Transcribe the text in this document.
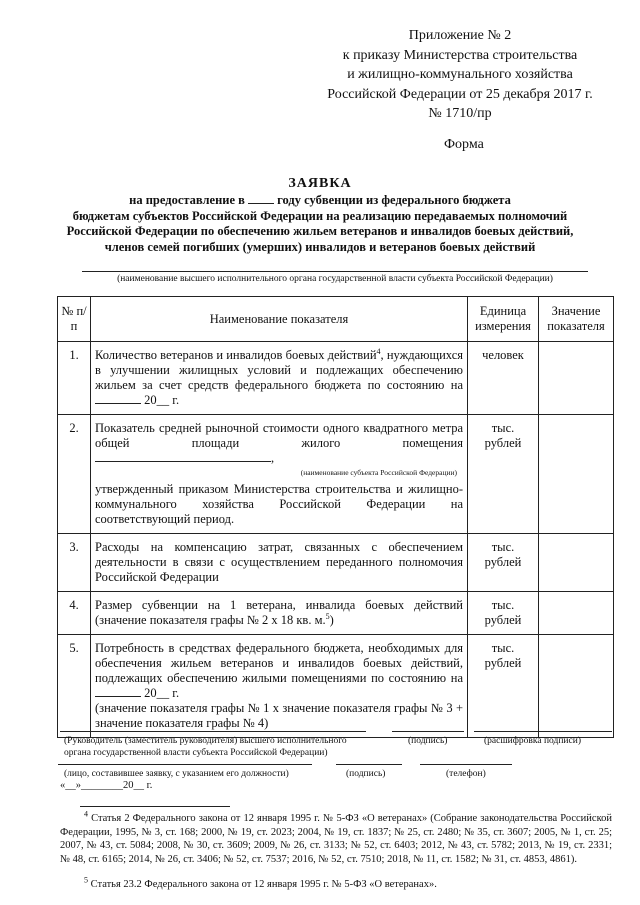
Приложение № 2
к приказу Министерства строительства
и жилищно-коммунального хозяйства
Российской Федерации от 25 декабря 2017 г.
№ 1710/пр
Форма
ЗАЯВКА
на предоставление в	году субвенции из федерального бюджета
бюджетам субъектов Российской Федерации на реализацию передаваемых полномочий
Российской Федерации по обеспечению жильем ветеранов и инвалидов боевых действий,
членов семей погибших (умерших) инвалидов и ветеранов боевых действий
(наименование высшего исполнительного органа государственной власти субъекта Российской Федерации)
№ п/п	Наименование показателя	Единица измерения	Значение показателя
1.	Количество ветеранов и инвалидов боевых действий$^4$, нуждающихся в улучшении жилищных условий и подлежащих обеспечению жильем за счет средств федерального бюджета по состоянию на  20__ г.	человек	
2.	Показатель средней рыночной стоимости одного квадратного метра общей площади жилого помещения ,
(наименование субъекта Российской Федерации)
утвержденный приказом Министерства строительства и жилищно-коммунального хозяйства Российской Федерации на соответствующий период.	тыс. рублей	
3.	Расходы на компенсацию затрат, связанных с обеспечением деятельности в связи с осуществлением переданного полномочия Российской Федерации	тыс. рублей	
4.	Размер субвенции на 1 ветерана, инвалида боевых действий (значение показателя графы № 2 х 18 кв. м.$^5$)	тыс. рублей	
5.	Потребность в средствах федерального бюджета, необходимых для обеспечения жильем ветеранов и инвалидов боевых действий, подлежащих обеспечению жилыми помещениями по состоянию на  20__ г.
(значение показателя графы № 1 х значение показателя графы № 3 + значение показателя графы № 4)	тыс. рублей	
(Руководитель (заместитель руководителя) высшего исполнительного
органа государственной власти субъекта Российской Федерации)
(подпись)	(расшифровка подписи)
(лицо, составившее заявку, с указанием его должности)	(подпись)	(телефон)
«__»________20__ г.
$^4$ Статья 2 Федерального закона от 12 января 1995 г. № 5-ФЗ «О ветеранах» (Собрание законодательства Российской Федерации, 1995, № 3, ст. 168; 2000, № 19, ст. 2023; 2004, № 19, ст. 1837; № 25, ст. 2480; № 35, ст. 3607; 2005, № 1, ст. 25; 2007, № 43, ст. 5084; 2008, № 30, ст. 3609; 2009, № 26, ст. 3133; № 52, ст. 6403; 2012, № 43, ст. 5782; 2013, № 19, ст. 2331; № 48, ст. 6165; 2014, № 26, ст. 3406; № 52, ст. 7537; 2016, № 52, ст. 7510; 2018, № 11, ст. 1582; № 31, ст. 4853, 4861).
$^5$ Статья 23.2 Федерального закона от 12 января 1995 г. № 5-ФЗ «О ветеранах».
